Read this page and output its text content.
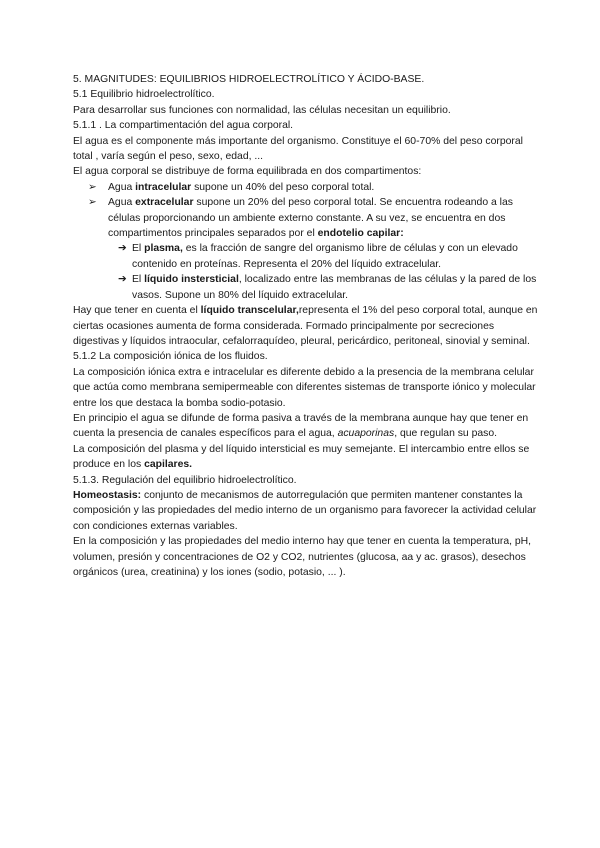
5. MAGNITUDES: EQUILIBRIOS HIDROELECTROLÍTICO Y ÁCIDO-BASE.

5.1 Equilibrio hidroelectrolítico.

Para desarrollar sus funciones con normalidad, las células necesitan un equilibrio.

5.1.1 . La compartimentación del agua corporal.

El agua es el componente más importante del organismo. Constituye el 60-70% del peso corporal total , varía según el peso, sexo, edad, ...

El agua corporal se distribuye de forma equilibrada en dos compartimentos:

➢	Agua intracelular supone un 40% del peso corporal total.
➢	Agua extracelular supone un 20% del peso corporal total. Se encuentra rodeando a las células proporcionando un ambiente externo constante. A su vez, se encuentra en dos compartimentos principales separados por el endotelio capilar:
➔ El plasma, es la fracción de sangre del organismo libre de células y con un elevado contenido en proteínas. Representa el 20% del líquido extracelular.
➔ El líquido instersticial, localizado entre las membranas de las células y la pared de los vasos. Supone un 80% del líquido extracelular.

Hay que tener en cuenta el líquido transcelular,representa el 1% del peso corporal total, aunque en ciertas ocasiones aumenta de forma considerada. Formado principalmente por secreciones digestivas y líquidos intraocular, cefalorraquídeo, pleural, pericárdico, peritoneal, sinovial y seminal.

5.1.2 La composición iónica de los fluidos.

La composición iónica extra e intracelular es diferente debido a la presencia de la membrana celular que actúa como membrana semipermeable con diferentes sistemas de transporte iónico y molecular entre los que destaca la bomba sodio-potasio.

En principio el agua se difunde de forma pasiva a través de la membrana aunque hay que tener en cuenta la presencia de canales específicos para el agua, acuaporinas, que regulan su paso.

La composición del plasma y del líquido intersticial es muy semejante. El intercambio entre ellos se produce en los capilares.

5.1.3. Regulación del equilibrio hidroelectrolítico.

Homeostasis: conjunto de mecanismos de autorregulación que permiten mantener constantes la composición y las propiedades del medio interno de un organismo para favorecer la actividad celular con condiciones externas variables.

En la composición y las propiedades del medio interno hay que tener en cuenta la temperatura, pH, volumen, presión y concentraciones de O2 y CO2, nutrientes (glucosa, aa y ac. grasos), desechos orgánicos (urea, creatinina) y los iones (sodio, potasio, ... ).
